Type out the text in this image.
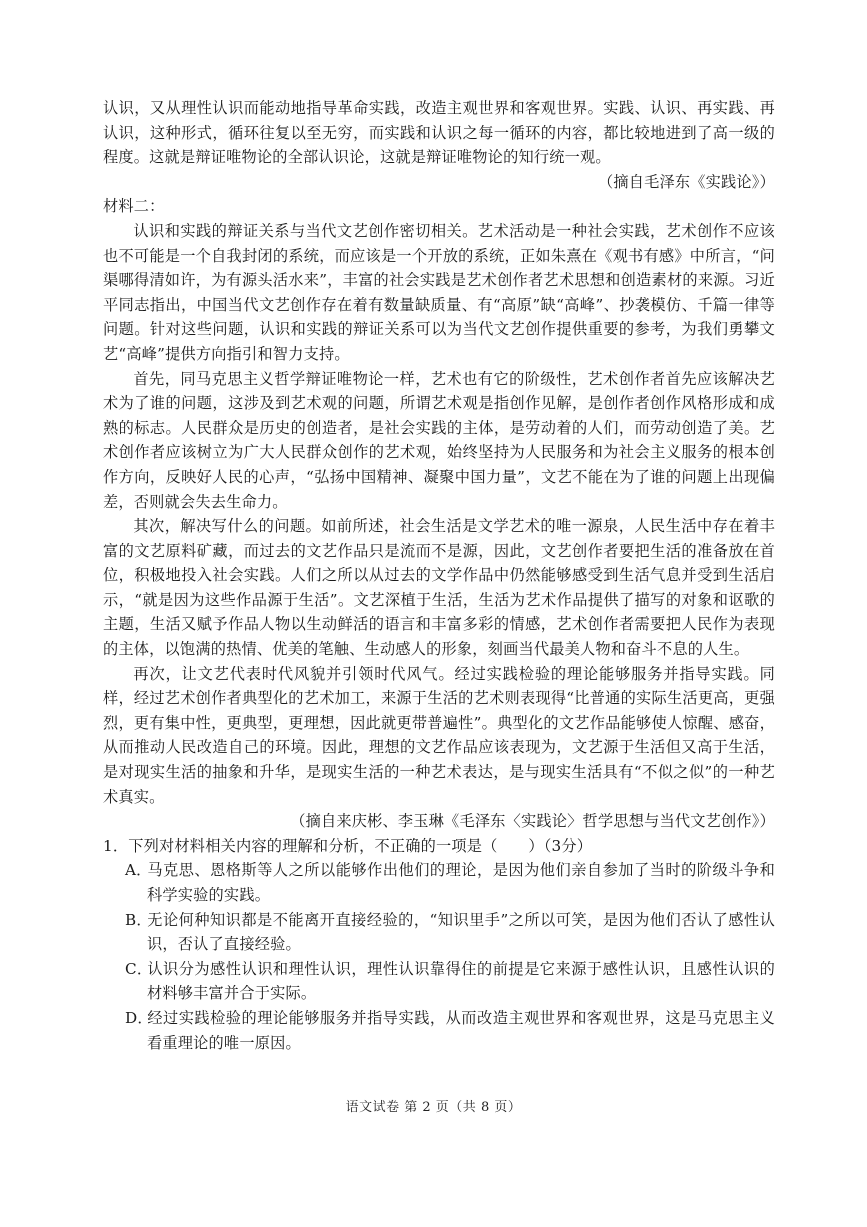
认识，又从理性认识而能动地指导革命实践，改造主观世界和客观世界。实践、认识、再实践、再认识，这种形式，循环往复以至无穷，而实践和认识之每一循环的内容，都比较地进到了高一级的程度。这就是辩证唯物论的全部认识论，这就是辩证唯物论的知行统一观。

（摘自毛泽东《实践论》）

材料二：

认识和实践的辩证关系与当代文艺创作密切相关。艺术活动是一种社会实践，艺术创作不应该也不可能是一个自我封闭的系统，而应该是一个开放的系统，正如朱熹在《观书有感》中所言，“问渠哪得清如许，为有源头活水来”，丰富的社会实践是艺术创作者艺术思想和创造素材的来源。习近平同志指出，中国当代文艺创作存在着有数量缺质量、有“高原”缺“高峰”、抄袭模仿、千篇一律等问题。针对这些问题，认识和实践的辩证关系可以为当代文艺创作提供重要的参考，为我们勇攀文艺“高峰”提供方向指引和智力支持。

首先，同马克思主义哲学辩证唯物论一样，艺术也有它的阶级性，艺术创作者首先应该解决艺术为了谁的问题，这涉及到艺术观的问题，所谓艺术观是指创作见解，是创作者创作风格形成和成熟的标志。人民群众是历史的创造者，是社会实践的主体，是劳动着的人们，而劳动创造了美。艺术创作者应该树立为广大人民群众创作的艺术观，始终坚持为人民服务和为社会主义服务的根本创作方向，反映好人民的心声，“弘扬中国精神、凝聚中国力量”，文艺不能在为了谁的问题上出现偏差，否则就会失去生命力。

其次，解决写什么的问题。如前所述，社会生活是文学艺术的唯一源泉，人民生活中存在着丰富的文艺原料矿藏，而过去的文艺作品只是流而不是源，因此，文艺创作者要把生活的准备放在首位，积极地投入社会实践。人们之所以从过去的文学作品中仍然能够感受到生活气息并受到生活启示，“就是因为这些作品源于生活”。文艺深植于生活，生活为艺术作品提供了描写的对象和讴歌的主题，生活又赋予作品人物以生动鲜活的语言和丰富多彩的情感，艺术创作者需要把人民作为表现的主体，以饱满的热情、优美的笔触、生动感人的形象，刻画当代最美人物和奋斗不息的人生。

再次，让文艺代表时代风貌并引领时代风气。经过实践检验的理论能够服务并指导实践。同样，经过艺术创作者典型化的艺术加工，来源于生活的艺术则表现得“比普通的实际生活更高，更强烈，更有集中性，更典型，更理想，因此就更带普遍性”。典型化的文艺作品能够使人惊醒、感奋，从而推动人民改造自己的环境。因此，理想的文艺作品应该表现为，文艺源于生活但又高于生活，是对现实生活的抽象和升华，是现实生活的一种艺术表达，是与现实生活具有“不似之似”的一种艺术真实。

（摘自来庆彬、李玉琳《毛泽东〈实践论〉哲学思想与当代文艺创作》）

1．下列对材料相关内容的理解和分析，不正确的一项是（　　）（3分）

A．马克思、恩格斯等人之所以能够作出他们的理论，是因为他们亲自参加了当时的阶级斗争和科学实验的实践。

B．无论何种知识都是不能离开直接经验的，“知识里手”之所以可笑，是因为他们否认了感性认识，否认了直接经验。

C．认识分为感性认识和理性认识，理性认识靠得住的前提是它来源于感性认识，且感性认识的材料够丰富并合于实际。

D．经过实践检验的理论能够服务并指导实践，从而改造主观世界和客观世界，这是马克思主义看重理论的唯一原因。

语文试卷 第 2 页（共 8 页）
